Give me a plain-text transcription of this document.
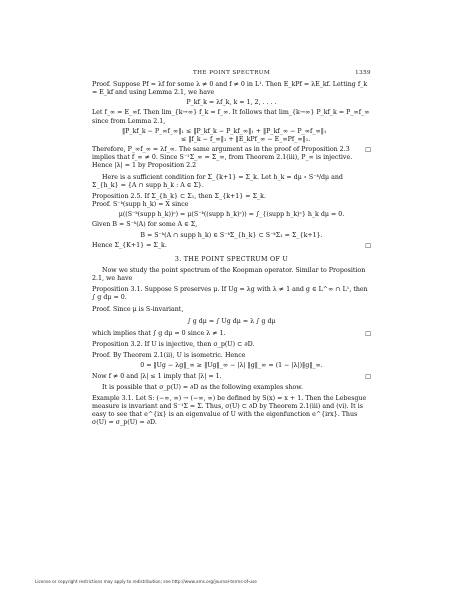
THE POINT SPECTRUM	1359

Proof. Suppose Pf = λf for some λ ≠ 0 and f ≠ 0 in L¹. Then E_kPf = λE_kf. Letting f_k = E_kf and using Lemma 2.1, we have

P_kf_k = λf_k, k = 1, 2, . . . .

Let f_∞ = E_∞f. Then lim_{k→∞} f_k = f_∞. It follows that lim_{k→∞} P_kf_k = P_∞f_∞ since from Lemma 2.1,

‖P_kf_k − P_∞f_∞‖₁ ≤ ‖P_kf_k − P_kf_∞‖₁ + ‖P_kf_∞ − P_∞f_∞‖₁
≤ ‖f_k − f_∞‖₁ + ‖E_kPf_∞ − E_∞Pf_∞‖₁.

☐
Therefore, P_∞f_∞ = λf_∞. The same argument as in the proof of Proposition 2.3 implies that f_∞ ≠ 0. Since S⁻¹Σ_∞ = Σ_∞, from Theorem 2.1(iii), P_∞ is injective. Hence |λ| = 1 by Proposition 2.2

Here is a sufficient condition for Σ_{k+1} = Σ_k. Let h_k = dμ ∘ S⁻ᵏ/dμ and Σ_{h_k} = {A ∩ supp h_k : A ∈ Σ}.

Proposition 2.5. If Σ_{h_k} ⊂ Σ₁, then Σ_{k+1} = Σ_k.

Proof. S⁻ᵏ(supp h_k) = X since

μ((S⁻ᵏ(supp h_k))ᶜ) = μ(S⁻ᵏ((supp h_k)ᶜ)) = ∫_{(supp h_k)ᶜ} h_k dμ = 0.

Given B = S⁻ᵏ(A) for some A ∈ Σ,

B = S⁻ᵏ(A ∩ supp h_k) ∈ S⁻ᵏΣ_{h_k} ⊂ S⁻ᵏΣ₁ = Σ_{k+1}.

☐
Hence Σ_{K+1} = Σ_k.

3. THE POINT SPECTRUM OF U

Now we study the point spectrum of the Koopman operator. Similar to Proposition 2.1, we have

Proposition 3.1. Suppose S preserves μ. If Ug = λg with λ ≠ 1 and g ∈ L^∞ ∩ L¹, then ∫ g dμ = 0.

Proof. Since μ is S-invariant,

∫ g dμ = ∫ Ug dμ = λ ∫ g dμ

☐
which implies that ∫ g dμ = 0 since λ ≠ 1.

Proposition 3.2. If U is injective, then σ_p(U) ⊂ ∂D.

Proof. By Theorem 2.1(ii), U is isometric. Hence

0 = ‖Ug − λg‖_∞ ≥ ‖Ug‖_∞ − |λ| ‖g‖_∞ = (1 − |λ|)‖g‖_∞.

☐
Now f ≠ 0 and |λ| ≤ 1 imply that |λ| = 1.

It is possible that σ_p(U) = ∂D as the following examples show.

Example 3.1. Let S: (−∞, ∞) → (−∞, ∞) be defined by S(x) = x + 1. Then the Lebesgue measure is invariant and S⁻¹Σ = Σ. Thus, σ(U) ⊂ ∂D by Theorem 2.1(iii) and (vi). It is easy to see that e^{ix} is an eigenvalue of U with the eigenfunction e^{irx}. Thus σ(U) = σ_p(U) = ∂D.

License or copyright restrictions may apply to redistribution; see http://www.ams.org/journal-terms-of-use
